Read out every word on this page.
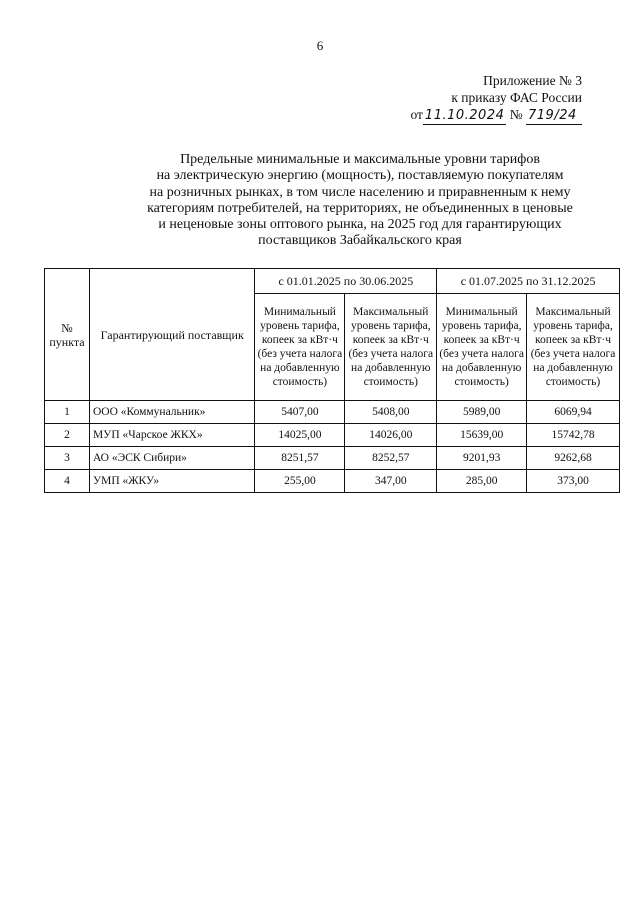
6
Приложение № 3
к приказу ФАС России
от 11.10.2024 № 719/24
Предельные минимальные и максимальные уровни тарифов
на электрическую энергию (мощность), поставляемую покупателям
на розничных рынках, в том числе населению и приравненным к нему
категориям потребителей, на территориях, не объединенных в ценовые
и неценовые зоны оптового рынка, на 2025 год для гарантирующих
поставщиков Забайкальского края
№ пункта	Гарантирующий поставщик	с 01.01.2025 по 30.06.2025		с 01.07.2025 по 31.12.2025	
		Минимальный уровень тарифа, копеек за кВт·ч (без учета налога на добавленную стоимость)	Максимальный уровень тарифа, копеек за кВт·ч (без учета налога на добавленную стоимость)	Минимальный уровень тарифа, копеек за кВт·ч (без учета налога на добавленную стоимость)	Максимальный уровень тарифа, копеек за кВт·ч (без учета налога на добавленную стоимость)
1	ООО «Коммунальник»	5407,00	5408,00	5989,00	6069,94
2	МУП «Чарское ЖКХ»	14025,00	14026,00	15639,00	15742,78
3	АО «ЭСК Сибири»	8251,57	8252,57	9201,93	9262,68
4	УМП «ЖКУ»	255,00	347,00	285,00	373,00
